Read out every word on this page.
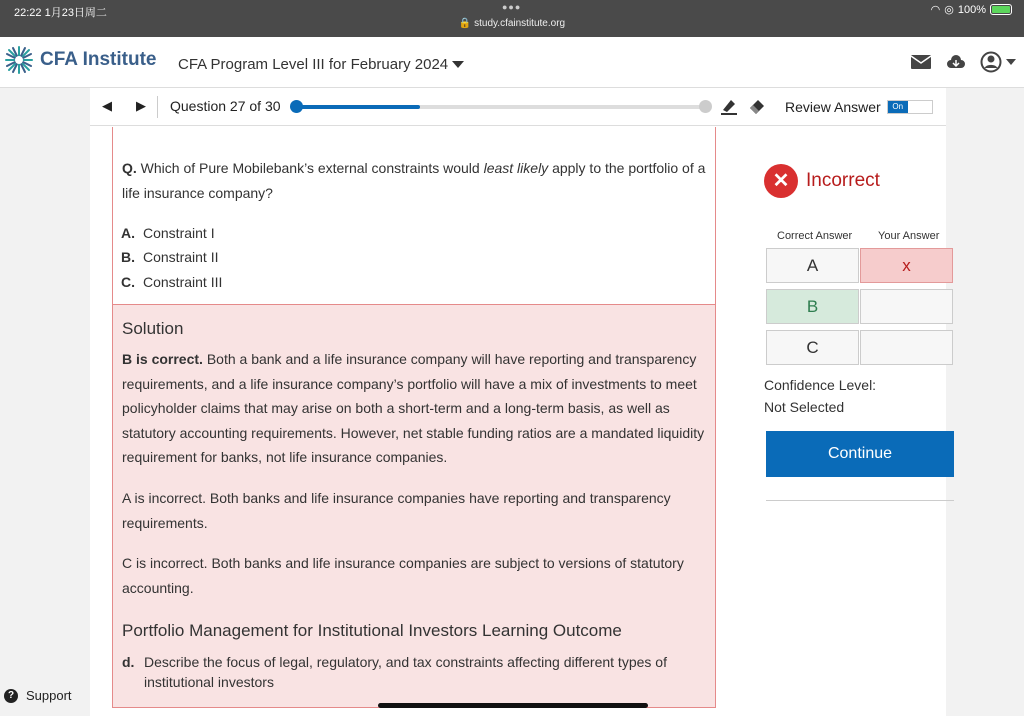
22:22 1月23日周二	●●●
🔒 study.cfainstitute.org
◠ ◎ 100%
CFA Institute CFA Program Level III for February 2024
◀ ▶ Question 27 of 30	Review Answer	On
Q. Which of Pure Mobilebank’s external constraints would least likely apply to the portfolio of a life insurance company?
A. Constraint I
B. Constraint II
C. Constraint III
Solution
B is correct. Both a bank and a life insurance company will have reporting and transparency requirements, and a life insurance company’s portfolio will have a mix of investments to meet policyholder claims that may arise on both a short-term and a long-term basis, as well as statutory accounting requirements. However, net stable funding ratios are a mandated liquidity requirement for banks, not life insurance companies.
A is incorrect. Both banks and life insurance companies have reporting and transparency requirements.
C is incorrect. Both banks and life insurance companies are subject to versions of statutory accounting.
Portfolio Management for Institutional Investors Learning Outcome
d. Describe the focus of legal, regulatory, and tax constraints affecting different types of institutional investors
✕ Incorrect
Correct Answer Your Answer
A	x
B
C
Confidence Level:
Not Selected
Continue
? Support
